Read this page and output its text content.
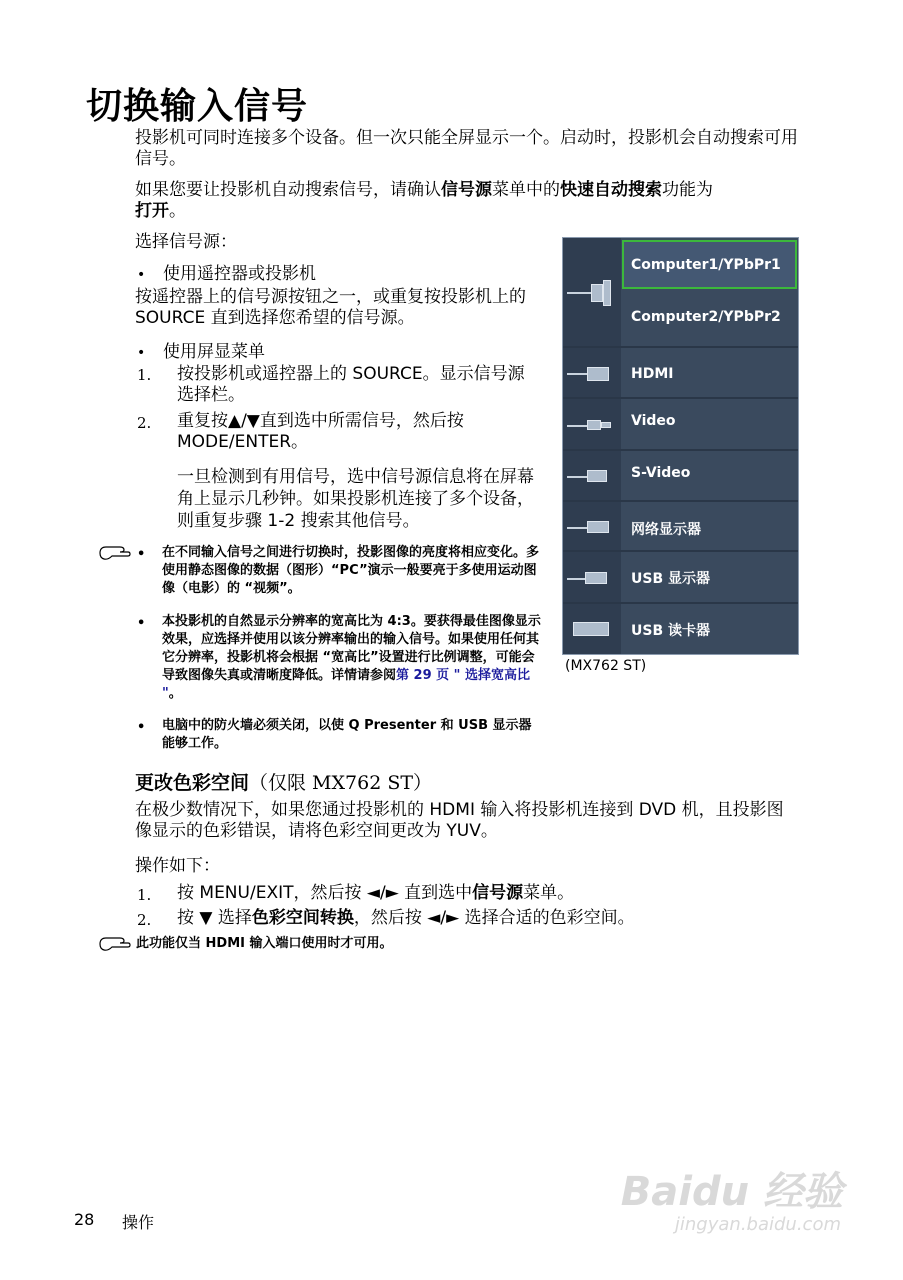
切换输入信号
投影机可同时连接多个设备。但一次只能全屏显示一个。启动时，投影机会自动搜索可用信号。
如果您要让投影机自动搜索信号，请确认信号源菜单中的快速自动搜索功能为
打开。
选择信号源：
• 使用遥控器或投影机
按遥控器上的信号源按钮之一，或重复按投影机上的 SOURCE 直到选择您希望的信号源。
• 使用屏显菜单
1. 按投影机或遥控器上的 SOURCE。显示信号源选择栏。
2. 重复按▲/▼直到选中所需信号，然后按 MODE/ENTER。
一旦检测到有用信号，选中信号源信息将在屏幕角上显示几秒钟。如果投影机连接了多个设备，则重复步骤 1-2 搜索其他信号。
• 在不同输入信号之间进行切换时，投影图像的亮度将相应变化。多使用静态图像的数据（图形）“PC”演示一般要亮于多使用运动图像（电影）的 “视频”。
• 本投影机的自然显示分辨率的宽高比为 4:3。要获得最佳图像显示效果，应选择并使用以该分辨率输出的输入信号。如果使用任何其它分辨率，投影机将会根据 “宽高比”设置进行比例调整，可能会导致图像失真或清晰度降低。详情请参阅第 29 页 " 选择宽高比 "。
• 电脑中的防火墙必须关闭，以使 Q Presenter 和 USB 显示器能够工作。
Computer1/YPbPr1
Computer2/YPbPr2
HDMI
Video
S-Video
网络显示器
USB 显示器
USB 读卡器
(MX762 ST)
更改色彩空间（仅限 MX762 ST）
在极少数情况下，如果您通过投影机的 HDMI 输入将投影机连接到 DVD 机，且投影图像显示的色彩错误，请将色彩空间更改为 YUV。
操作如下：
1. 按 MENU/EXIT，然后按 ◄/► 直到选中信号源菜单。
2. 按 ▼ 选择色彩空间转换，然后按 ◄/► 选择合适的色彩空间。
此功能仅当 HDMI 输入端口使用时才可用。
Baidu 经验
jingyan.baidu.com
28 操作
